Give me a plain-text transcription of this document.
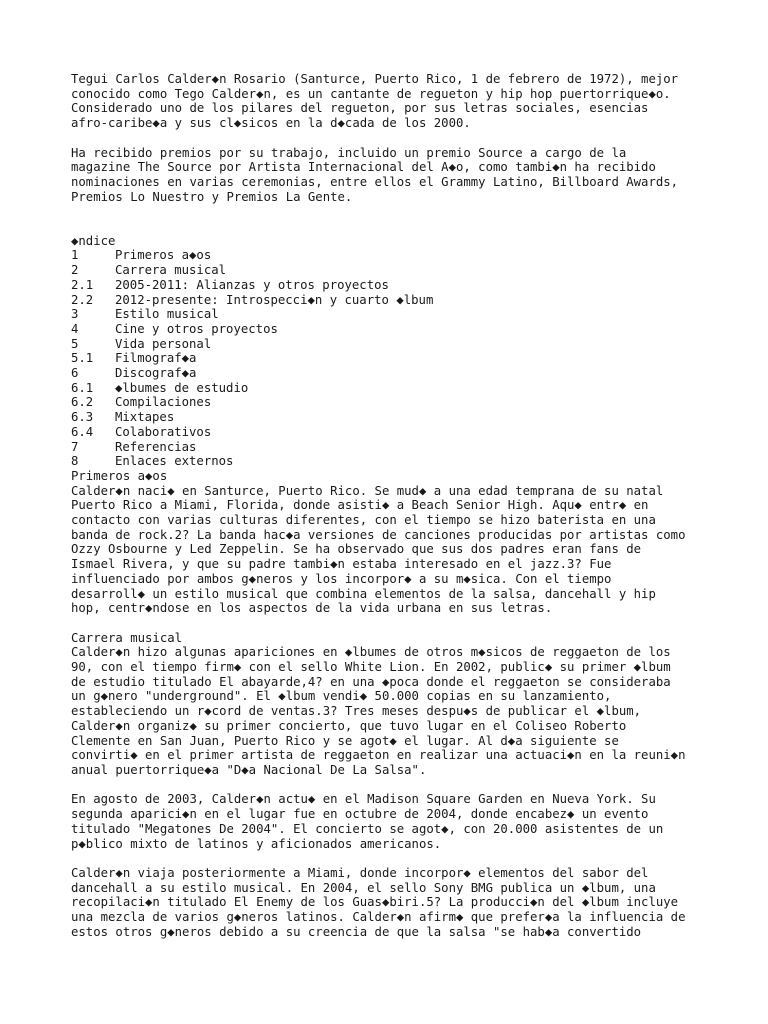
Tegui Carlos Calder◆n Rosario (Santurce, Puerto Rico, 1 de febrero de 1972), mejor
conocido como Tego Calder◆n, es un cantante de regueton y hip hop puertorrique◆o.
Considerado uno de los pilares del regueton, por sus letras sociales, esencias
afro-caribe◆a y sus cl◆sicos en la d◆cada de los 2000.

Ha recibido premios por su trabajo, incluido un premio Source a cargo de la
magazine The Source por Artista Internacional del A◆o, como tambi◆n ha recibido
nominaciones en varias ceremonias, entre ellos el Grammy Latino, Billboard Awards,
Premios Lo Nuestro y Premios La Gente.

◆ndice
1	Primeros a◆os
2	Carrera musical
2.1	2005-2011: Alianzas y otros proyectos
2.2	2012-presente: Introspecci◆n y cuarto ◆lbum
3	Estilo musical
4	Cine y otros proyectos
5	Vida personal
5.1	Filmograf◆a
6	Discograf◆a
6.1	◆lbumes de estudio
6.2	Compilaciones
6.3	Mixtapes
6.4	Colaborativos
7	Referencias
8	Enlaces externos
Primeros a◆os

Calder◆n naci◆ en Santurce, Puerto Rico. Se mud◆ a una edad temprana de su natal
Puerto Rico a Miami, Florida, donde asisti◆ a Beach Senior High. Aqu◆ entr◆ en
contacto con varias culturas diferentes, con el tiempo se hizo baterista en una
banda de rock.2? La banda hac◆a versiones de canciones producidas por artistas como
Ozzy Osbourne y Led Zeppelin. Se ha observado que sus dos padres eran fans de
Ismael Rivera, y que su padre tambi◆n estaba interesado en el jazz.3? Fue
influenciado por ambos g◆neros y los incorpor◆ a su m◆sica. Con el tiempo
desarroll◆ un estilo musical que combina elementos de la salsa, dancehall y hip
hop, centr◆ndose en los aspectos de la vida urbana en sus letras.

Carrera musical

Calder◆n hizo algunas apariciones en ◆lbumes de otros m◆sicos de reggaeton de los
90, con el tiempo firm◆ con el sello White Lion. En 2002, public◆ su primer ◆lbum
de estudio titulado El abayarde,4? en una ◆poca donde el reggaeton se consideraba
un g◆nero "underground". El ◆lbum vendi◆ 50.000 copias en su lanzamiento,
estableciendo un r◆cord de ventas.3? Tres meses despu◆s de publicar el ◆lbum,
Calder◆n organiz◆ su primer concierto, que tuvo lugar en el Coliseo Roberto
Clemente en San Juan, Puerto Rico y se agot◆ el lugar. Al d◆a siguiente se
convirti◆ en el primer artista de reggaeton en realizar una actuaci◆n en la reuni◆n
anual puertorrique◆a "D◆a Nacional De La Salsa".

En agosto de 2003, Calder◆n actu◆ en el Madison Square Garden en Nueva York. Su
segunda aparici◆n en el lugar fue en octubre de 2004, donde encabez◆ un evento
titulado "Megatones De 2004". El concierto se agot◆, con 20.000 asistentes de un
p◆blico mixto de latinos y aficionados americanos.

Calder◆n viaja posteriormente a Miami, donde incorpor◆ elementos del sabor del
dancehall a su estilo musical. En 2004, el sello Sony BMG publica un ◆lbum, una
recopilaci◆n titulado El Enemy de los Guas◆biri.5? La producci◆n del ◆lbum incluye
una mezcla de varios g◆neros latinos. Calder◆n afirm◆ que prefer◆a la influencia de
estos otros g◆neros debido a su creencia de que la salsa "se hab◆a convertido
